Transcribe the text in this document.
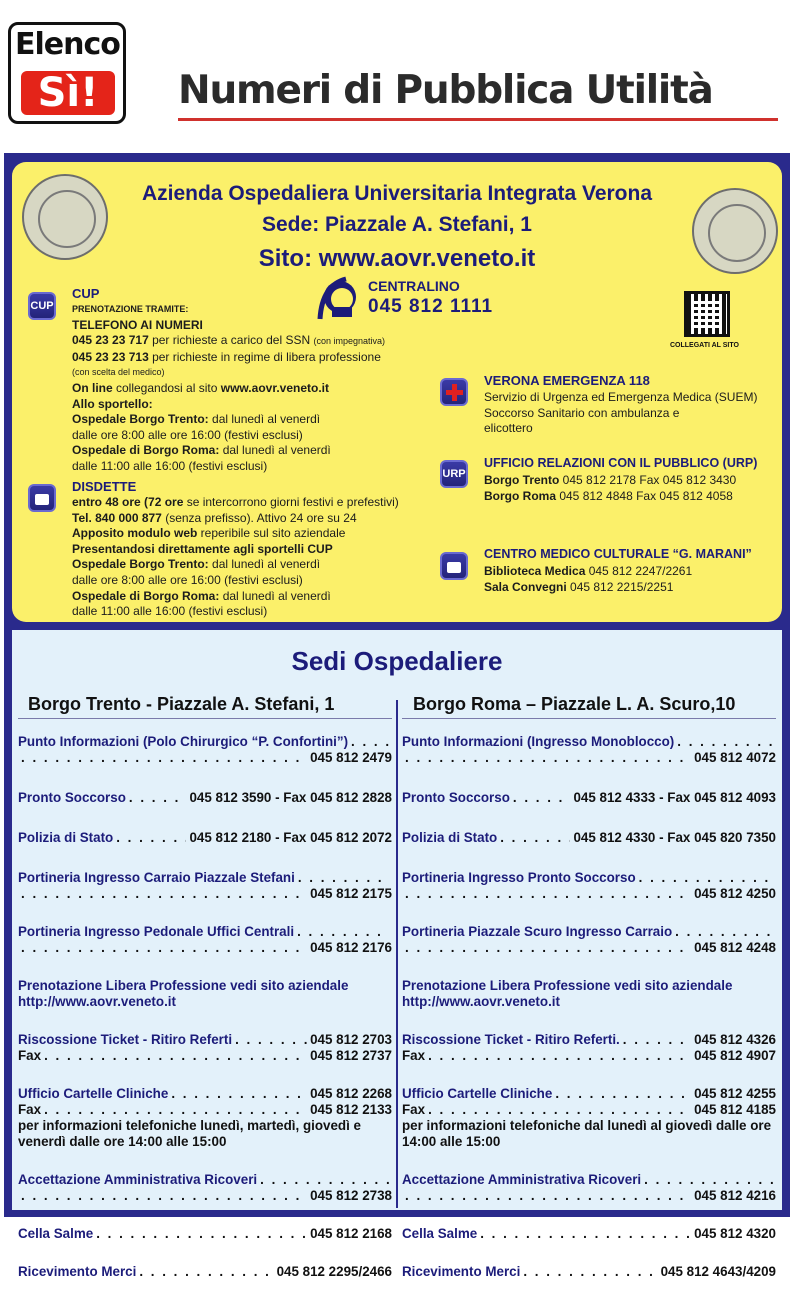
Elenco
Sì!	Numeri di Pubblica Utilità
Azienda Ospedaliera Universitaria Integrata Verona
Sede: Piazzale A. Stefani, 1
Sito: www.aovr.veneto.it
CENTRALINO
045 812 1111
COLLEGATI AL SITO
CUP
CUP
PRENOTAZIONE TRAMITE:
TELEFONO AI NUMERI
045 23 23 717 per richieste a carico del SSN (con impegnativa)
045 23 23 713 per richieste in regime di libera professione
(con scelta del medico)
On line collegandosi al sito www.aovr.veneto.it
Allo sportello:
Ospedale Borgo Trento: dal lunedì al venerdì
dalle ore 8:00 alle ore 16:00 (festivi esclusi)
Ospedale di Borgo Roma: dal lunedì al venerdì
dalle 11:00 alle 16:00 (festivi esclusi)
DISDETTE
entro 48 ore (72 ore se intercorrono giorni festivi e prefestivi)
Tel. 840 000 877 (senza prefisso). Attivo 24 ore su 24
Apposito modulo web reperibile sul sito aziendale
Presentandosi direttamente agli sportelli CUP
Ospedale Borgo Trento: dal lunedì al venerdì
dalle ore 8:00 alle ore 16:00 (festivi esclusi)
Ospedale di Borgo Roma: dal lunedì al venerdì
dalle 11:00 alle 16:00 (festivi esclusi)
VERONA EMERGENZA 118
Servizio di Urgenza ed Emergenza Medica (SUEM)
Soccorso Sanitario con ambulanza e
elicottero
URP
UFFICIO RELAZIONI CON IL PUBBLICO (URP)
Borgo Trento 045 812 2178 Fax 045 812 3430
Borgo Roma 045 812 4848 Fax 045 812 4058
CENTRO MEDICO CULTURALE “G. MARANI”
Biblioteca Medica 045 812 2247/2261
Sala Convegni 045 812 2215/2251
Sedi Ospedaliere
Borgo Trento - Piazzale A. Stefani, 1	Borgo Roma – Piazzale L. A. Scuro,10
Punto Informazioni (Polo Chirurgico “P. Confortini”)
. . .
. . .
045 812 2479
Pronto Soccorso . . .	045 812 3590 - Fax 045 812 2828
Polizia di Stato . . .	045 812 2180 - Fax 045 812 2072
Portineria Ingresso Carraio Piazzale Stefani
. . .
. . .
045 812 2175
Portineria Ingresso Pedonale Uffici Centrali
. . .
. . .
045 812 2176
Prenotazione Libera Professione vedi sito aziendale
http://www.aovr.veneto.it
Riscossione Ticket - Ritiro Referti . . .	045 812 2703
Fax . . .	045 812 2737
Ufficio Cartelle Cliniche . . .	045 812 2268
Fax . . .	045 812 2133
per informazioni telefoniche lunedì, martedì, giovedì e venerdì dalle ore 14:00 alle 15:00
Accettazione Amministrativa Ricoveri
. . .
. . .
045 812 2738
Cella Salme . . .	045 812 2168
Ricevimento Merci . . .	045 812 2295/2466
Punto Informazioni (Ingresso Monoblocco)
. . .
. . .
045 812 4072
Pronto Soccorso . . .	045 812 4333 - Fax 045 812 4093
Polizia di Stato . . .	045 812 4330 - Fax 045 820 7350
Portineria Ingresso Pronto Soccorso
. . .
. . .
045 812 4250
Portineria Piazzale Scuro Ingresso Carraio
. . .
. . .
045 812 4248
Prenotazione Libera Professione vedi sito aziendale
http://www.aovr.veneto.it
Riscossione Ticket - Ritiro Referti. . . .	045 812 4326
Fax . . .	045 812 4907
Ufficio Cartelle Cliniche . . .	045 812 4255
Fax . . .	045 812 4185
per informazioni telefoniche dal lunedì al giovedì dalle ore 14:00 alle 15:00
Accettazione Amministrativa Ricoveri
. . .
. . .
045 812 4216
Cella Salme . . .	045 812 4320
Ricevimento Merci . . .	045 812 4643/4209
